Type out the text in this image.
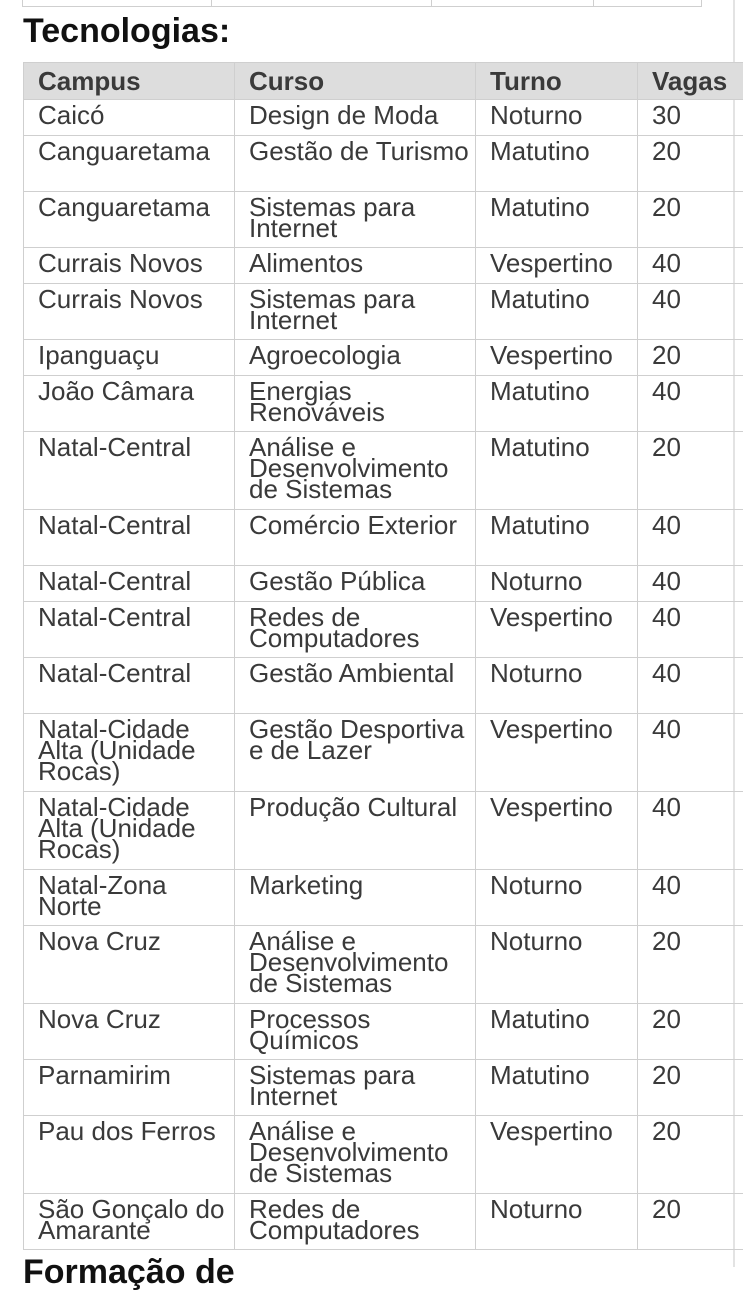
Tecnologias:
Campus	Curso	Turno	Vagas
Caicó	Design de Moda	Noturno	30
Canguaretama	Gestão de Turismo	Matutino	20
Canguaretama	Sistemas para Internet	Matutino	20
Currais Novos	Alimentos	Vespertino	40
Currais Novos	Sistemas para Internet	Matutino	40
Ipanguaçu	Agroecologia	Vespertino	20
João Câmara	Energias Renováveis	Matutino	40
Natal-Central	Análise e Desenvolvimento de Sistemas	Matutino	20
Natal-Central	Comércio Exterior	Matutino	40
Natal-Central	Gestão Pública	Noturno	40
Natal-Central	Redes de Computadores	Vespertino	40
Natal-Central	Gestão Ambiental	Noturno	40
Natal-Cidade Alta (Unidade Rocas)	Gestão Desportiva e de Lazer	Vespertino	40
Natal-Cidade Alta (Unidade Rocas)	Produção Cultural	Vespertino	40
Natal-Zona Norte	Marketing	Noturno	40
Nova Cruz	Análise e Desenvolvimento de Sistemas	Noturno	20
Nova Cruz	Processos Químicos	Matutino	20
Parnamirim	Sistemas para Internet	Matutino	20
Pau dos Ferros	Análise e Desenvolvimento de Sistemas	Vespertino	20
São Gonçalo do Amarante	Redes de Computadores	Noturno	20
Formação de
